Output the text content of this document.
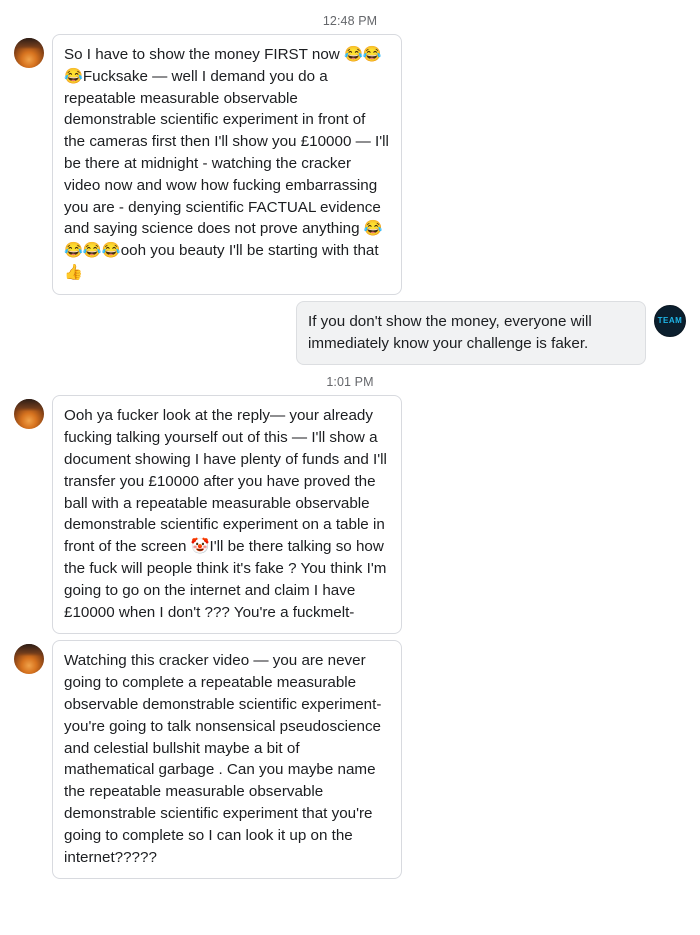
12:48 PM
So I have to show the money FIRST now 😂😂😂Fucksake — well I demand you do a repeatable measurable observable demonstrable scientific experiment in front of the cameras first then I'll show you £10000 — I'll be there at midnight - watching the cracker video now and wow how fucking embarrassing you are - denying scientific FACTUAL evidence and saying science does not prove anything 😂😂😂😂ooh you beauty I'll be starting with that 👍
If you don't show the money, everyone will immediately know your challenge is faker.
TEAM
1:01 PM
Ooh ya fucker look at the reply— your already fucking talking yourself out of this — I'll show a document showing I have plenty of funds and I'll transfer you £10000 after you have proved the ball with a repeatable measurable observable demonstrable scientific experiment on a table in front of the screen 🤡I'll be there talking so how the fuck will people think it's fake ? You think I'm going to go on the internet and claim I have £10000 when I don't ??? You're a fuckmelt-
Watching this cracker video — you are never going to complete a repeatable measurable observable demonstrable scientific experiment- you're going to talk nonsensical pseudoscience and celestial bullshit maybe a bit of mathematical garbage . Can you maybe name the repeatable measurable observable demonstrable scientific experiment that you're going to complete so I can look it up on the internet?????
